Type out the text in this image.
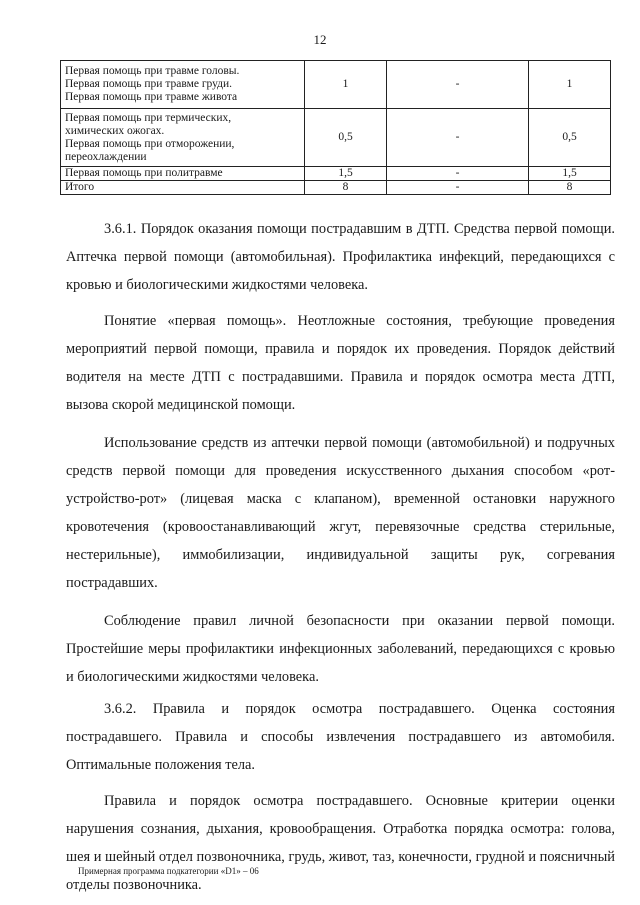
12
Первая помощь при травме головы.
Первая помощь при травме груди.
Первая помощь при травме живота	1	-	1

Первая помощь при термических,
химических ожогах.
Первая помощь при отморожении,
переохлаждении	0,5	-	0,5

Первая помощь при политравме	1,5	-	1,5

Итого	8	-	8

3.6.1. Порядок оказания помощи пострадавшим в ДТП. Средства первой помощи. Аптечка первой помощи (автомобильная). Профилактика инфекций, передающихся с кровью и биологическими жидкостями человека.

Понятие «первая помощь». Неотложные состояния, требующие проведения мероприятий первой помощи, правила и порядок их проведения. Порядок действий водителя на месте ДТП с пострадавшими. Правила и порядок осмотра места ДТП, вызова скорой медицинской помощи.

Использование средств из аптечки первой помощи (автомобильной) и подручных средств первой помощи для проведения искусственного дыхания способом «рот-устройство-рот» (лицевая маска с клапаном), временной остановки наружного кровотечения (кровоостанавливающий жгут, перевязочные средства стерильные, нестерильные), иммобилизации, индивидуальной защиты рук, согревания пострадавших.

Соблюдение правил личной безопасности при оказании первой помощи. Простейшие меры профилактики инфекционных заболеваний, передающихся с кровью и биологическими жидкостями человека.

3.6.2. Правила и порядок осмотра пострадавшего. Оценка состояния пострадавшего. Правила и способы извлечения пострадавшего из автомобиля. Оптимальные положения тела.

Правила и порядок осмотра пострадавшего. Основные критерии оценки нарушения сознания, дыхания, кровообращения. Отработка порядка осмотра: голова, шея и шейный отдел позвоночника, грудь, живот, таз, конечности, грудной и поясничный отделы позвоночника.

Примерная программа подкатегории «D1» – 06
